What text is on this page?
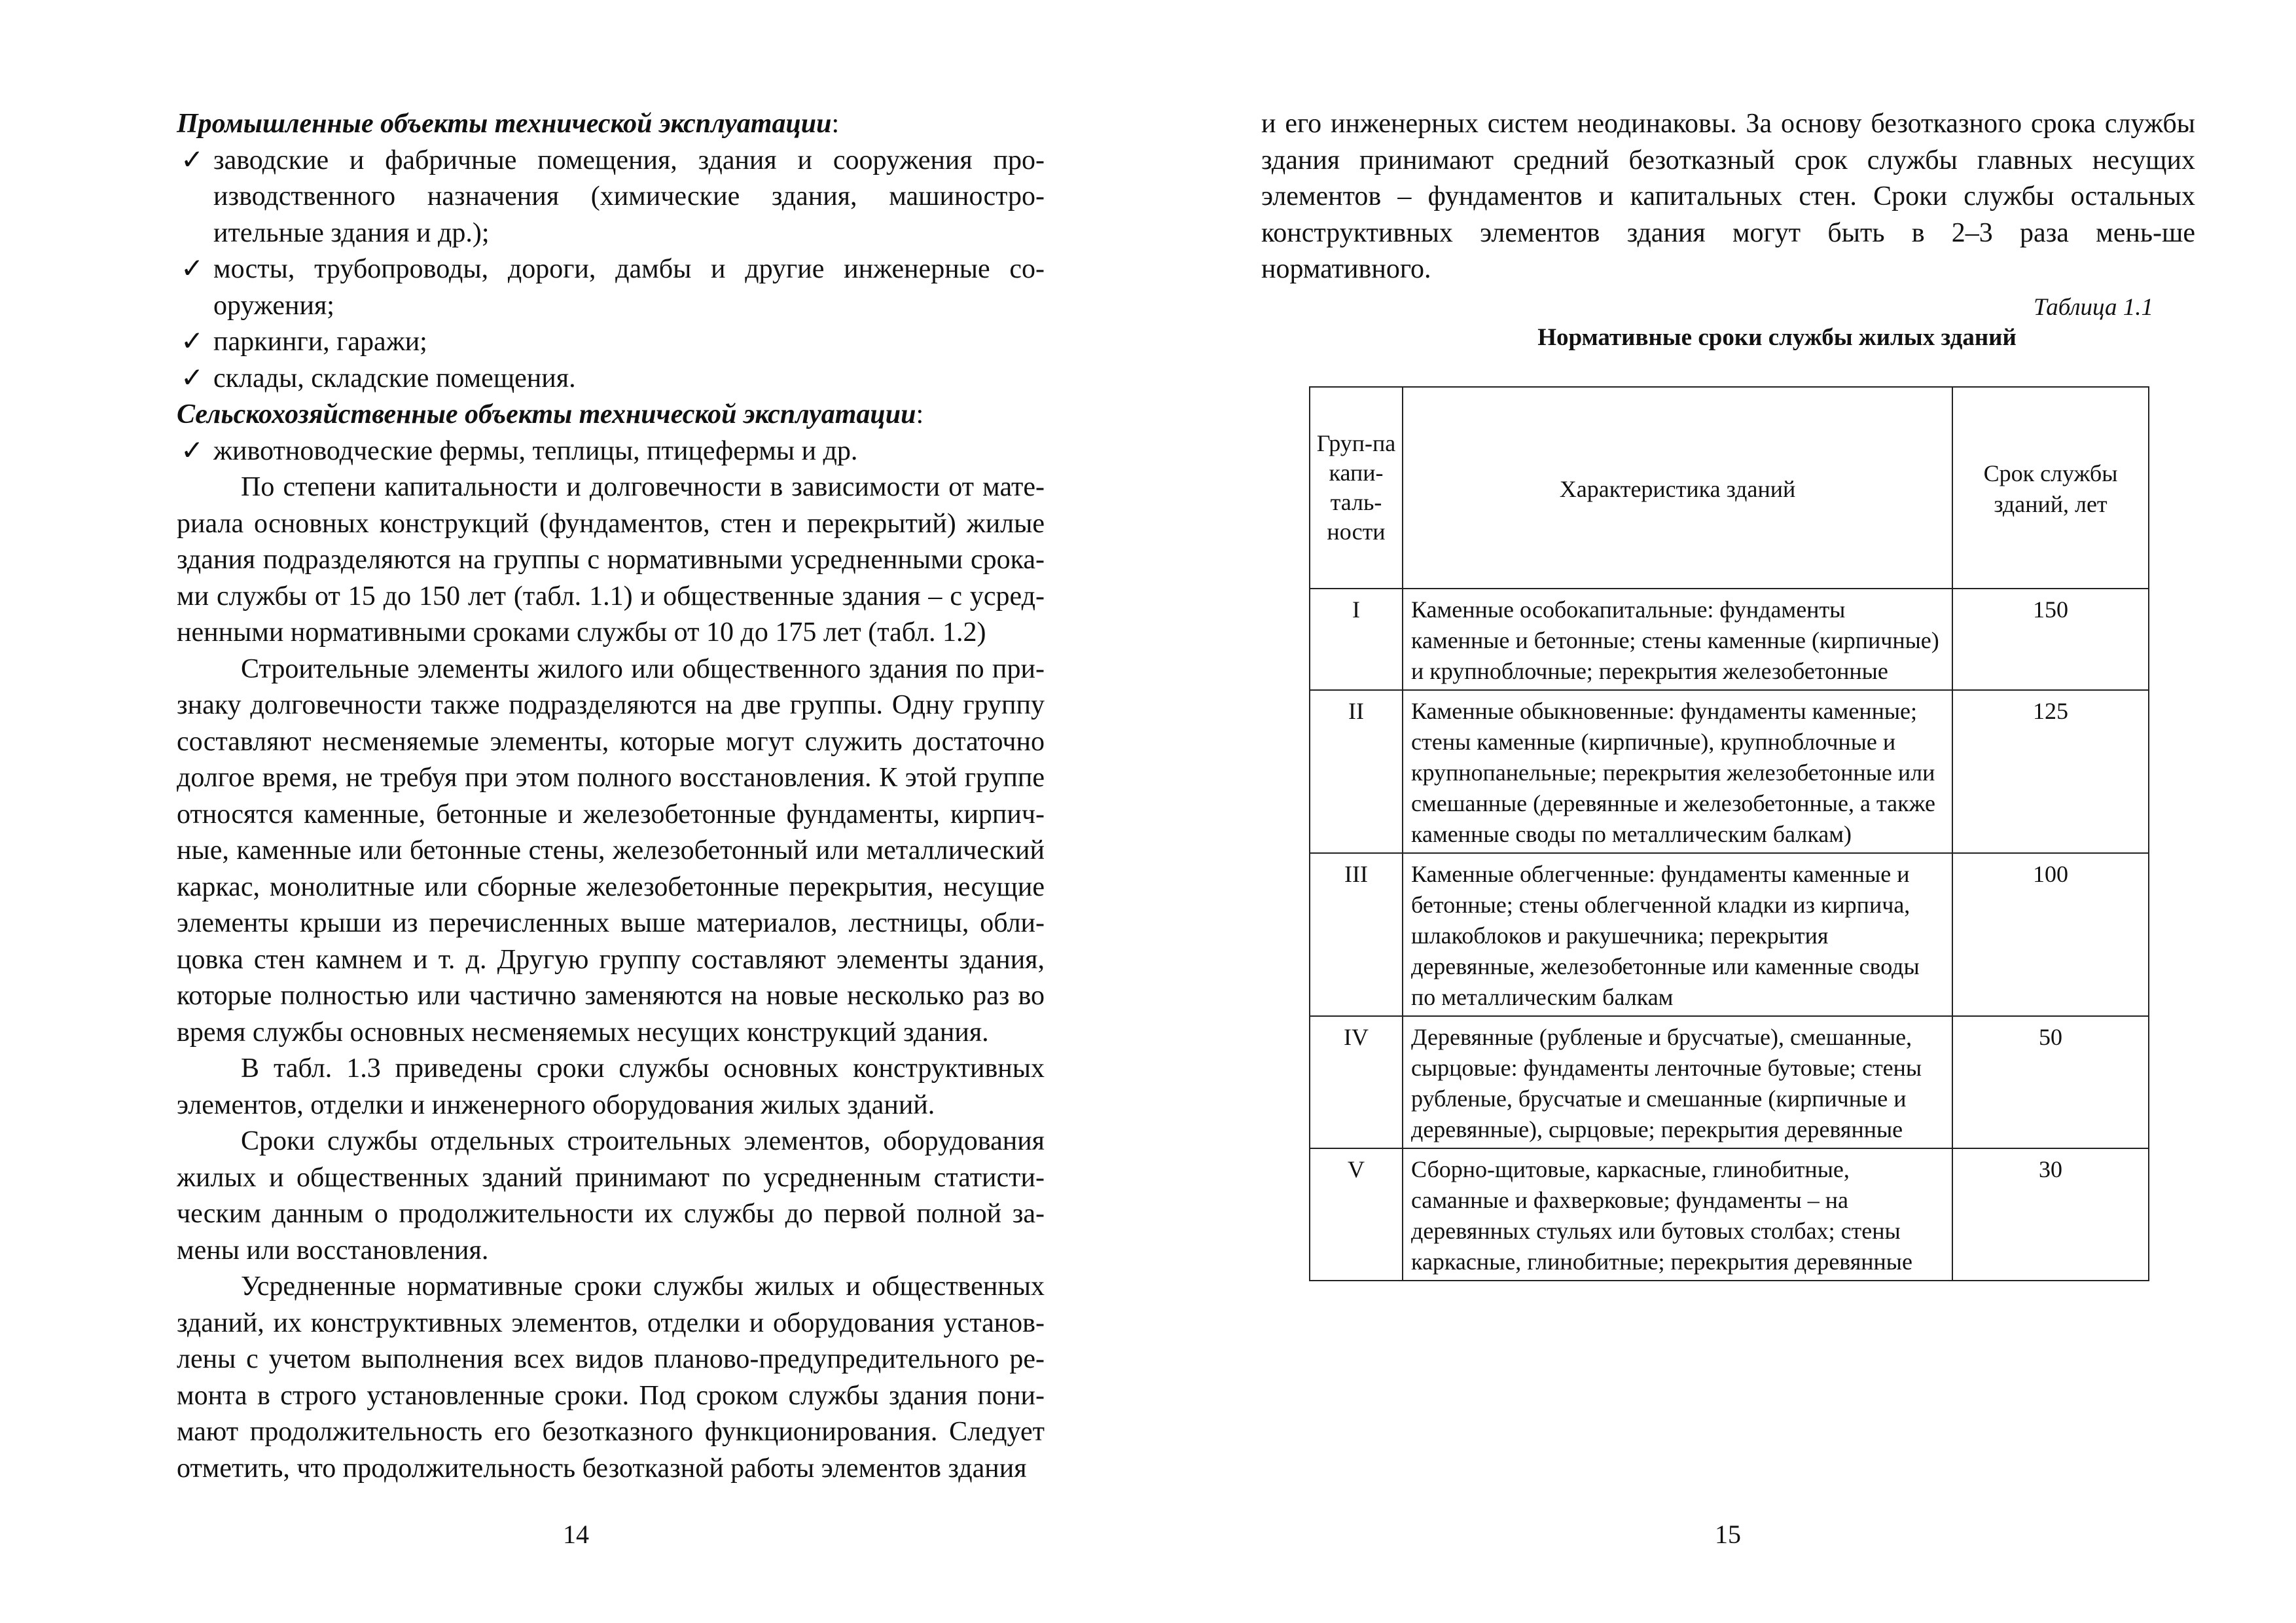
Промышленные объекты технической эксплуатации:

✓ заводские и фабричные помещения, здания и сооружения про-изводственного назначения (химические здания, машиностро-ительные здания и др.);

✓ мосты, трубопроводы, дороги, дамбы и другие инженерные со-оружения;

✓ паркинги, гаражи;

✓ склады, складские помещения.

Сельскохозяйственные объекты технической эксплуатации:

✓ животноводческие фермы, теплицы, птицефермы и др.

По степени капитальности и долговечности в зависимости от мате-риала основных конструкций (фундаментов, стен и перекрытий) жилые здания подразделяются на группы с нормативными усредненными срока-ми службы от 15 до 150 лет (табл. 1.1) и общественные здания – с усред-ненными нормативными сроками службы от 10 до 175 лет (табл. 1.2)

Строительные элементы жилого или общественного здания по при-знаку долговечности также подразделяются на две группы. Одну группу составляют несменяемые элементы, которые могут служить достаточно долгое время, не требуя при этом полного восстановления. К этой группе относятся каменные, бетонные и железобетонные фундаменты, кирпич-ные, каменные или бетонные стены, железобетонный или металлический каркас, монолитные или сборные железобетонные перекрытия, несущие элементы крыши из перечисленных выше материалов, лестницы, обли-цовка стен камнем и т. д. Другую группу составляют элементы здания, которые полностью или частично заменяются на новые несколько раз во время службы основных несменяемых несущих конструкций здания.

В табл. 1.3 приведены сроки службы основных конструктивных элементов, отделки и инженерного оборудования жилых зданий.

Сроки службы отдельных строительных элементов, оборудования жилых и общественных зданий принимают по усредненным статисти-ческим данным о продолжительности их службы до первой полной за-мены или восстановления.

Усредненные нормативные сроки службы жилых и общественных зданий, их конструктивных элементов, отделки и оборудования установ-лены с учетом выполнения всех видов планово-предупредительного ре-монта в строго установленные сроки. Под сроком службы здания пони-мают продолжительность его безотказного функционирования. Следует отметить, что продолжительность безотказной работы элементов здания

14

и его инженерных систем неодинаковы. За основу безотказного срока службы здания принимают средний безотказный срок службы главных несущих элементов – фундаментов и капитальных стен. Сроки службы остальных конструктивных элементов здания могут быть в 2–3 раза мень-ше нормативного.

Таблица 1.1
Нормативные сроки службы жилых зданий
Груп-па капи-таль-ности	Характеристика зданий	Срок службы зданий, лет
I	Каменные особокапитальные: фундаменты каменные и бетонные; стены каменные (кирпичные) и крупноблочные; перекрытия железобетонные	150
II	Каменные обыкновенные: фундаменты каменные; стены каменные (кирпичные), крупноблочные и крупнопанельные; перекрытия железобетонные или смешанные (деревянные и железобетонные, а также каменные своды по металлическим балкам)	125
III	Каменные облегченные: фундаменты каменные и бетонные; стены облегченной кладки из кирпича, шлакоблоков и ракушечника; перекрытия деревянные, железобетонные или каменные своды по металлическим балкам	100
IV	Деревянные (рубленые и брусчатые), смешанные, сырцовые: фундаменты ленточные бутовые; стены рубленые, брусчатые и смешанные (кирпичные и деревянные), сырцовые; перекрытия деревянные	50
V	Сборно-щитовые, каркасные, глинобитные, саманные и фахверковые; фундаменты – на деревянных стульях или бутовых столбах; стены каркасные, глинобитные; перекрытия деревянные	30
15
